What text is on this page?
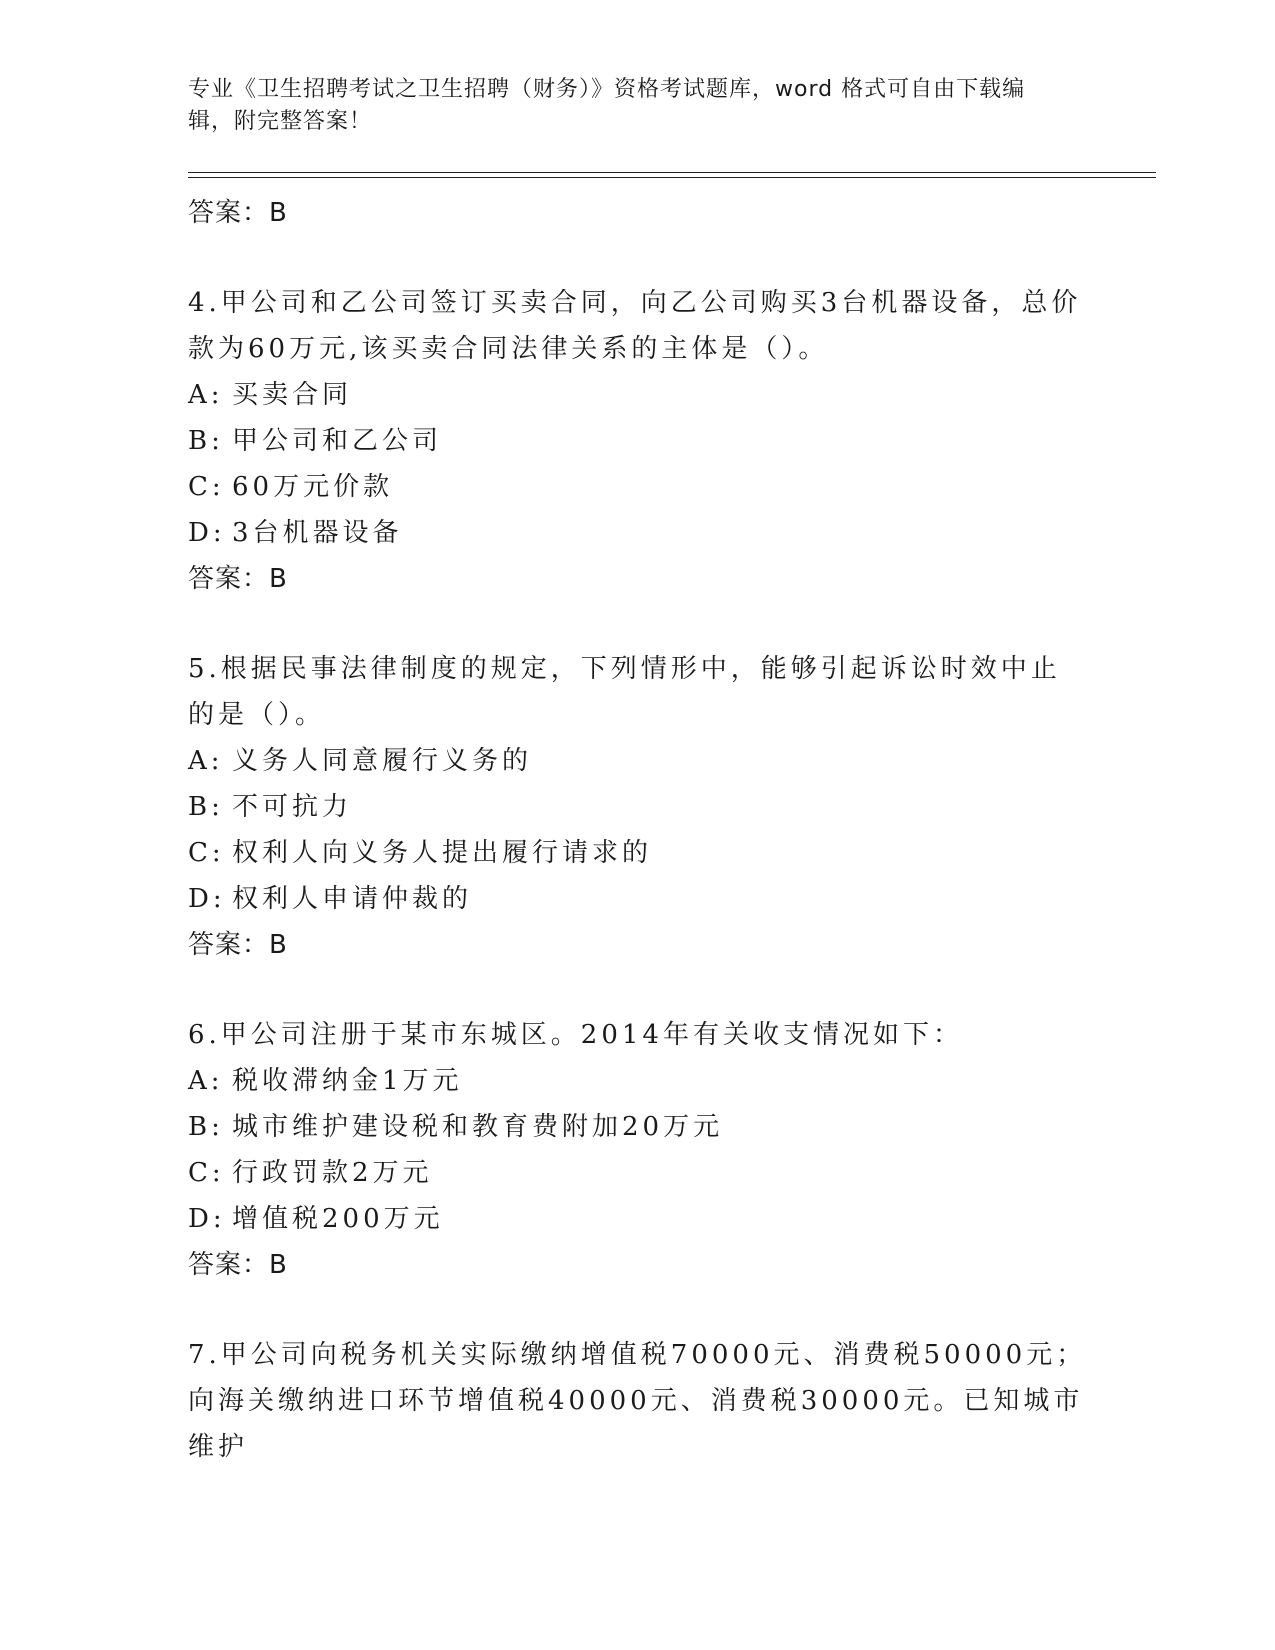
专业《卫生招聘考试之卫生招聘（财务）》资格考试题库，word 格式可自由下载编辑，附完整答案！
答案：B

4.甲公司和乙公司签订买卖合同，向乙公司购买3台机器设备，总价款为60万元,该买卖合同法律关系的主体是（）。

A: 买卖合同
B: 甲公司和乙公司
C: 60万元价款
D: 3台机器设备
答案：B

5.根据民事法律制度的规定，下列情形中，能够引起诉讼时效中止的是（）。

A: 义务人同意履行义务的
B: 不可抗力
C: 权利人向义务人提出履行请求的
D: 权利人申请仲裁的
答案：B

6.甲公司注册于某市东城区。2014年有关收支情况如下：

A: 税收滞纳金1万元
B: 城市维护建设税和教育费附加20万元
C: 行政罚款2万元
D: 增值税200万元
答案：B

7.甲公司向税务机关实际缴纳增值税70000元、消费税50000元；向海关缴纳进口环节增值税40000元、消费税30000元。已知城市维护
